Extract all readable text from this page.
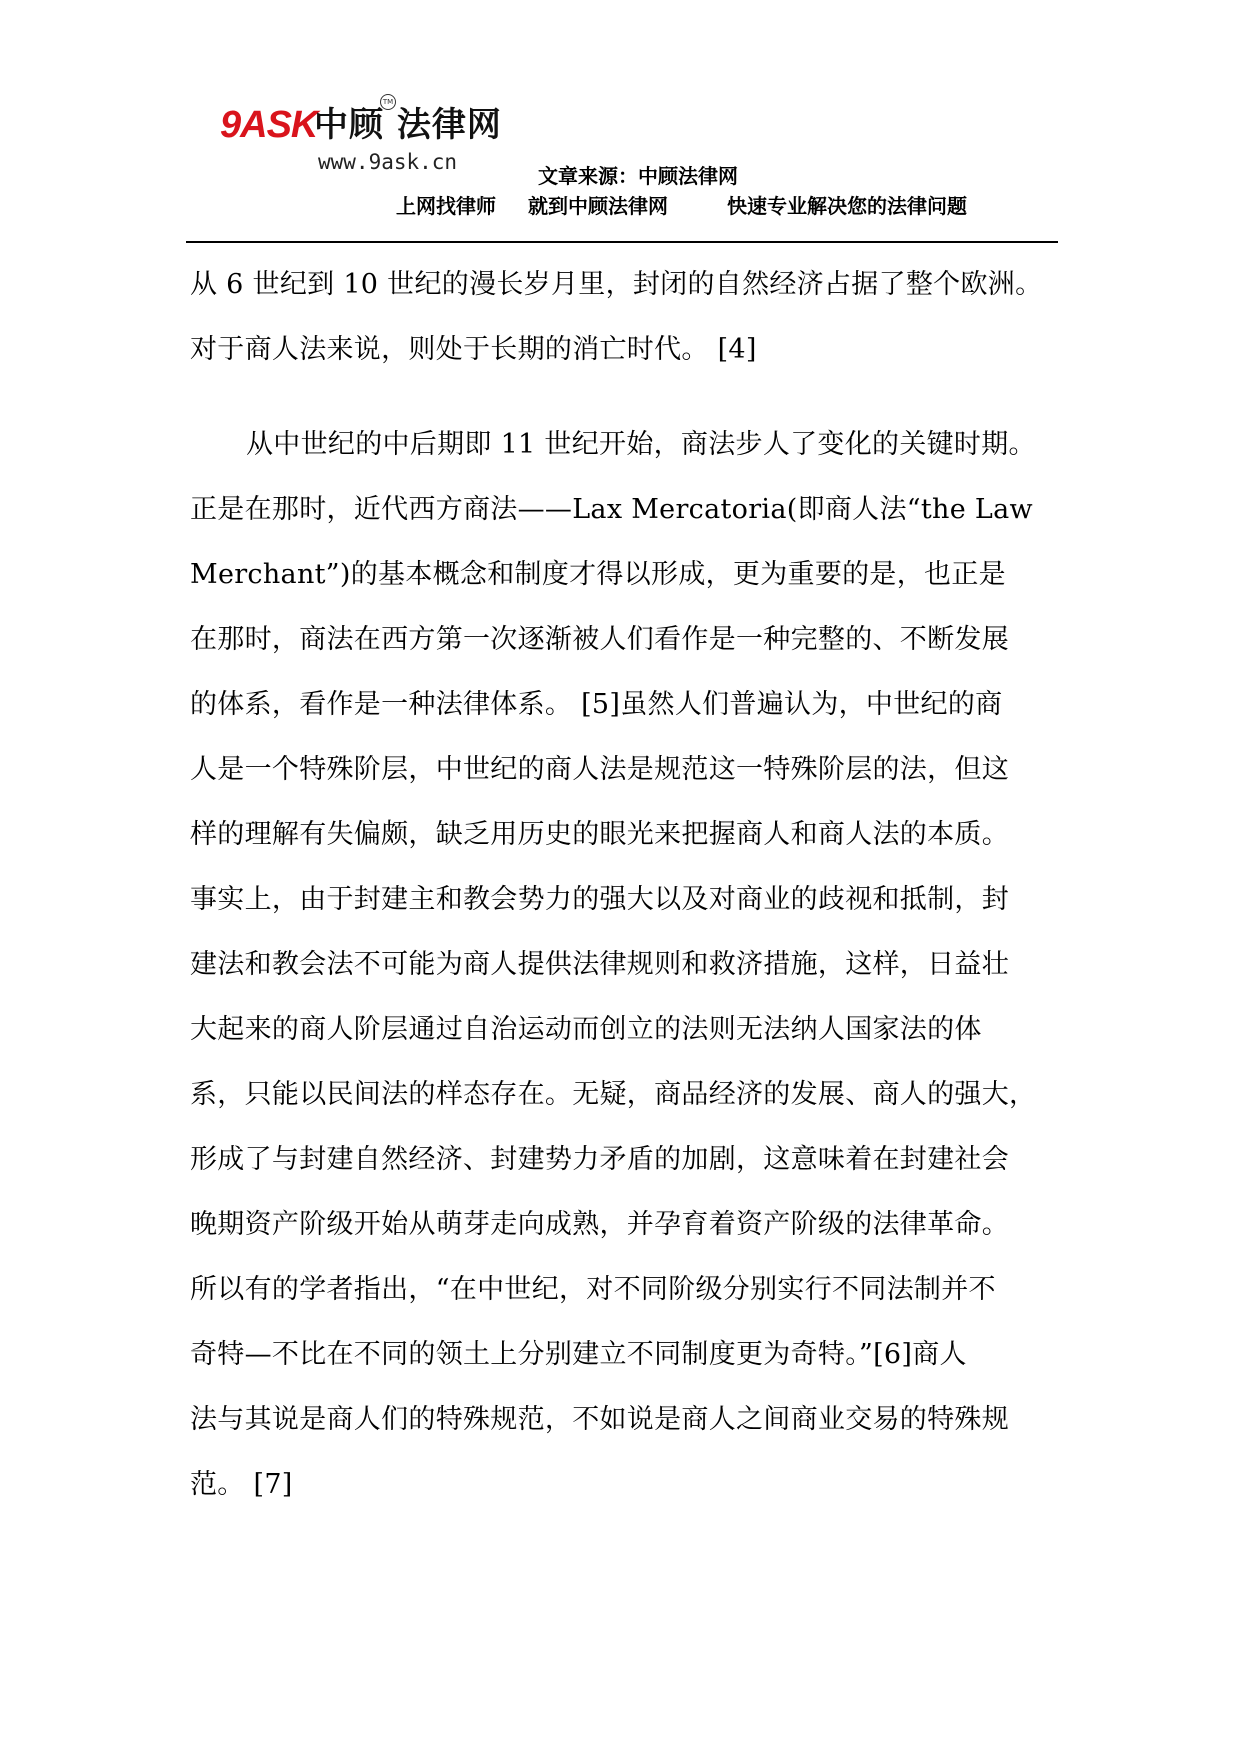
9ASK
中顾 法律网
TM
www.9ask.cn
文章来源：中顾法律网
上网找律师 就到中顾法律网	快速专业解决您的法律问题
从 6 世纪到 10 世纪的漫长岁月里，封闭的自然经济占据了整个欧洲。
对于商人法来说，则处于长期的消亡时代。 [4]
从中世纪的中后期即 11 世纪开始，商法步人了变化的关键时期。
正是在那时，近代西方商法——Lax Mercatoria(即商人法“the Law
Merchant”)的基本概念和制度才得以形成，更为重要的是，也正是
在那时，商法在西方第一次逐渐被人们看作是一种完整的、不断发展
的体系，看作是一种法律体系。 [5]虽然人们普遍认为，中世纪的商
人是一个特殊阶层，中世纪的商人法是规范这一特殊阶层的法，但这
样的理解有失偏颇，缺乏用历史的眼光来把握商人和商人法的本质。
事实上，由于封建主和教会势力的强大以及对商业的歧视和抵制，封
建法和教会法不可能为商人提供法律规则和救济措施，这样，日益壮
大起来的商人阶层通过自治运动而创立的法则无法纳人国家法的体
系，只能以民间法的样态存在。无疑，商品经济的发展、商人的强大，
形成了与封建自然经济、封建势力矛盾的加剧，这意味着在封建社会
晚期资产阶级开始从萌芽走向成熟，并孕育着资产阶级的法律革命。
所以有的学者指出，“在中世纪，对不同阶级分别实行不同法制并不
奇特—不比在不同的领土上分别建立不同制度更为奇特。”[6]商人
法与其说是商人们的特殊规范，不如说是商人之间商业交易的特殊规
范。 [7]
